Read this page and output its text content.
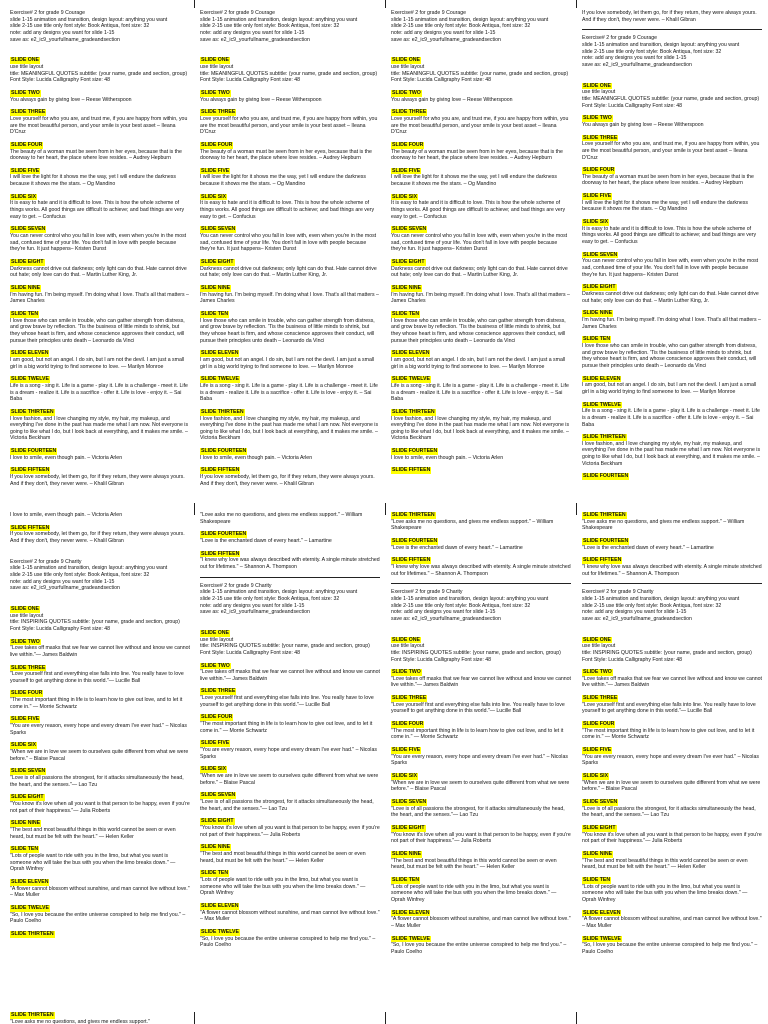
Exercise# 2 for grade 9 Courage
slide 1-15 animation and transition, design layout: anything you want
slide 2-15 use title only font style: Book Antiqua, font size: 32
note: add any designs you want for slide 1-15
save as: e2_ic9_yourfullname_gradeandsection

SLIDE ONE

use title layout
title: MEANINGFUL QUOTES subtitle: (your name, grade and section, group)
Font Style: Lucida Calligraphy Font size: 48

SLIDE TWO

You always gain by giving love – Reese Witherspoon

SLIDE THREE

Love yourself for who you are, and trust me, if you are happy from within, you are the most beautiful person, and your smile is your best asset – Ileana D'Cruz

SLIDE FOUR

The beauty of a woman must be seen from in her eyes, because that is the doorway to her heart, the place where love resides. – Audrey Hepburn

SLIDE FIVE

I will love the light for it shows me the way, yet I will endure the darkness because it shows me the stars. – Og Mandino

SLIDE SIX

It is easy to hate and it is difficult to love. This is how the whole scheme of things works. All good things are difficult to achieve; and bad things are very easy to get. – Confucius

SLIDE SEVEN

You can never control who you fall in love with, even when you're in the most sad, confused time of your life. You don't fall in love with people because they're fun. It just happens– Kristen Dunst

SLIDE EIGHT

Darkness cannot drive out darkness; only light can do that. Hate cannot drive out hate; only love can do that. – Martin Luther King, Jr.

SLIDE NINE

I'm having fun. I'm being myself. I'm doing what I love. That's all that matters – James Charles

SLIDE TEN

I love those who can smile in trouble, who can gather strength from distress, and grow brave by reflection. 'Tis the business of little minds to shrink, but they whose heart is firm, and whose conscience approves their conduct, will pursue their principles unto death – Leonardo da Vinci

SLIDE ELEVEN

I am good, but not an angel. I do sin, but I am not the devil. I am just a small girl in a big world trying to find someone to love. — Marilyn Monroe

SLIDE TWELVE

Life is a song - sing it. Life is a game - play it. Life is a challenge - meet it. Life is a dream - realize it. Life is a sacrifice - offer it. Life is love - enjoy it. – Sai Baba

SLIDE THIRTEEN

I love fashion, and I love changing my style, my hair, my makeup, and everything I've done in the past has made me what I am now. Not everyone is going to like what I do, but I look back at everything, and it makes me smile. – Victoria Beckham

SLIDE FOURTEEN

I love to smile, even though pain. – Victoria Arlen

SLIDE FIFTEEN

If you love somebody, let them go, for if they return, they were always yours. And if they don't, they never were. – Khalil Gibran

Exercise# 2 for grade 9 Courage
slide 1-15 animation and transition, design layout: anything you want
slide 2-15 use title only font style: Book Antiqua, font size: 32
note: add any designs you want for slide 1-15
save as: e2_ic9_yourfullname_gradeandsection

SLIDE ONE

use title layout
title: MEANINGFUL QUOTES subtitle: (your name, grade and section, group)
Font Style: Lucida Calligraphy Font size: 48

SLIDE TWO

You always gain by giving love – Reese Witherspoon

SLIDE THREE

Love yourself for who you are, and trust me, if you are happy from within, you are the most beautiful person, and your smile is your best asset – Ileana D'Cruz

SLIDE FOUR

The beauty of a woman must be seen from in her eyes, because that is the doorway to her heart, the place where love resides. – Audrey Hepburn

SLIDE FIVE

I will love the light for it shows me the way, yet I will endure the darkness because it shows me the stars. – Og Mandino

SLIDE SIX

It is easy to hate and it is difficult to love. This is how the whole scheme of things works. All good things are difficult to achieve; and bad things are very easy to get. – Confucius

SLIDE SEVEN

You can never control who you fall in love with, even when you're in the most sad, confused time of your life. You don't fall in love with people because they're fun. It just happens– Kristen Dunst

SLIDE EIGHT

Darkness cannot drive out darkness; only light can do that. Hate cannot drive out hate; only love can do that. – Martin Luther King, Jr.

SLIDE NINE

I'm having fun. I'm being myself. I'm doing what I love. That's all that matters – James Charles

SLIDE TEN

I love those who can smile in trouble, who can gather strength from distress, and grow brave by reflection. 'Tis the business of little minds to shrink, but they whose heart is firm, and whose conscience approves their conduct, will pursue their principles unto death – Leonardo da Vinci

SLIDE ELEVEN

I am good, but not an angel. I do sin, but I am not the devil. I am just a small girl in a big world trying to find someone to love. — Marilyn Monroe

SLIDE TWELVE

Life is a song - sing it. Life is a game - play it. Life is a challenge - meet it. Life is a dream - realize it. Life is a sacrifice - offer it. Life is love - enjoy it. – Sai Baba

SLIDE THIRTEEN

I love fashion, and I love changing my style, my hair, my makeup, and everything I've done in the past has made me what I am now. Not everyone is going to like what I do, but I look back at everything, and it makes me smile. – Victoria Beckham

SLIDE FOURTEEN

I love to smile, even though pain. – Victoria Arlen

SLIDE FIFTEEN

If you love somebody, let them go, for if they return, they were always yours. And if they don't, they never were. – Khalil Gibran

Exercise# 2 for grade 9 Courage
slide 1-15 animation and transition, design layout: anything you want
slide 2-15 use title only font style: Book Antiqua, font size: 32
note: add any designs you want for slide 1-15
save as: e2_ic9_yourfullname_gradeandsection

SLIDE ONE

use title layout
title: MEANINGFUL QUOTES subtitle: (your name, grade and section, group)
Font Style: Lucida Calligraphy Font size: 48

SLIDE TWO

You always gain by giving love – Reese Witherspoon

SLIDE THREE

Love yourself for who you are, and trust me, if you are happy from within, you are the most beautiful person, and your smile is your best asset – Ileana D'Cruz

SLIDE FOUR

The beauty of a woman must be seen from in her eyes, because that is the doorway to her heart, the place where love resides. – Audrey Hepburn

SLIDE FIVE

I will love the light for it shows me the way, yet I will endure the darkness because it shows me the stars. – Og Mandino

SLIDE SIX

It is easy to hate and it is difficult to love. This is how the whole scheme of things works. All good things are difficult to achieve; and bad things are very easy to get. – Confucius

SLIDE SEVEN

You can never control who you fall in love with, even when you're in the most sad, confused time of your life. You don't fall in love with people because they're fun. It just happens– Kristen Dunst

SLIDE EIGHT

Darkness cannot drive out darkness; only light can do that. Hate cannot drive out hate; only love can do that. – Martin Luther King, Jr.

SLIDE NINE

I'm having fun. I'm being myself. I'm doing what I love. That's all that matters – James Charles

SLIDE TEN

I love those who can smile in trouble, who can gather strength from distress, and grow brave by reflection. 'Tis the business of little minds to shrink, but they whose heart is firm, and whose conscience approves their conduct, will pursue their principles unto death – Leonardo da Vinci

SLIDE ELEVEN

I am good, but not an angel. I do sin, but I am not the devil. I am just a small girl in a big world trying to find someone to love. — Marilyn Monroe

SLIDE TWELVE

Life is a song - sing it. Life is a game - play it. Life is a challenge - meet it. Life is a dream - realize it. Life is a sacrifice - offer it. Life is love - enjoy it. – Sai Baba

SLIDE THIRTEEN

I love fashion, and I love changing my style, my hair, my makeup, and everything I've done in the past has made me what I am now. Not everyone is going to like what I do, but I look back at everything, and it makes me smile. – Victoria Beckham

SLIDE FOURTEEN

I love to smile, even though pain. – Victoria Arlen

SLIDE FIFTEEN

If you love somebody, let them go, for if they return, they were always yours. And if they don't, they never were. – Khalil Gibran

Exercise# 2 for grade 9 Courage
slide 1-15 animation and transition, design layout: anything you want
slide 2-15 use title only font style: Book Antiqua, font size: 32
note: add any designs you want for slide 1-15
save as: e2_ic9_yourfullname_gradeandsection

SLIDE ONE

use title layout
title: MEANINGFUL QUOTES subtitle: (your name, grade and section, group)
Font Style: Lucida Calligraphy Font size: 48

SLIDE TWO

You always gain by giving love – Reese Witherspoon

SLIDE THREE

Love yourself for who you are, and trust me, if you are happy from within, you are the most beautiful person, and your smile is your best asset – Ileana D'Cruz

SLIDE FOUR

The beauty of a woman must be seen from in her eyes, because that is the doorway to her heart, the place where love resides. – Audrey Hepburn

SLIDE FIVE

I will love the light for it shows me the way, yet I will endure the darkness because it shows me the stars. – Og Mandino

SLIDE SIX

It is easy to hate and it is difficult to love. This is how the whole scheme of things works. All good things are difficult to achieve; and bad things are very easy to get. – Confucius

SLIDE SEVEN

You can never control who you fall in love with, even when you're in the most sad, confused time of your life. You don't fall in love with people because they're fun. It just happens– Kristen Dunst

SLIDE EIGHT

Darkness cannot drive out darkness; only light can do that. Hate cannot drive out hate; only love can do that. – Martin Luther King, Jr.

SLIDE NINE

I'm having fun. I'm being myself. I'm doing what I love. That's all that matters – James Charles

SLIDE TEN

I love those who can smile in trouble, who can gather strength from distress, and grow brave by reflection. 'Tis the business of little minds to shrink, but they whose heart is firm, and whose conscience approves their conduct, will pursue their principles unto death – Leonardo da Vinci

SLIDE ELEVEN

I am good, but not an angel. I do sin, but I am not the devil. I am just a small girl in a big world trying to find someone to love. — Marilyn Monroe

SLIDE TWELVE

Life is a song - sing it. Life is a game - play it. Life is a challenge - meet it. Life is a dream - realize it. Life is a sacrifice - offer it. Life is love - enjoy it. – Sai Baba

SLIDE THIRTEEN

I love fashion, and I love changing my style, my hair, my makeup, and everything I've done in the past has made me what I am now. Not everyone is going to like what I do, but I look back at everything, and it makes me smile. – Victoria Beckham

SLIDE FOURTEEN

I love to smile, even though pain. – Victoria Arlen

SLIDE FIFTEEN

If you love somebody, let them go, for if they return, they were always yours. And if they don't, they never were. – Khalil Gibran

Exercise# 2 for grade 9 Charity
slide 1-15 animation and transition, design layout: anything you want
slide 2-15 use title only font style: Book Antiqua, font size: 32
note: add any designs you want for slide 1-15
save as: e2_ic9_yourfullname_gradeandsection

SLIDE ONE

use title layout
title: INSPIRING QUOTES subtitle: (your name, grade and section, group)
Font Style: Lucida Calligraphy Font size: 48

SLIDE TWO

"Love takes off masks that we fear we cannot live without and know we cannot live within."— James Baldwin

SLIDE THREE

"Love yourself first and everything else falls into line. You really have to love yourself to get anything done in this world."— Lucille Ball

SLIDE FOUR

"The most important thing in life is to learn how to give out love, and to let it come in." — Morrie Schwartz

SLIDE FIVE

"You are every reason, every hope and every dream I've ever had." – Nicolas Sparks

SLIDE SIX

"When we are in love we seem to ourselves quite different from what we were before." – Blaise Pascal

SLIDE SEVEN

"Love is of all passions the strongest, for it attacks simultaneously the head, the heart, and the senses."— Lao Tzu

SLIDE EIGHT

"You know it's love when all you want is that person to be happy, even if you're not part of their happiness."— Julia Roberts

SLIDE NINE

"The best and most beautiful things in this world cannot be seen or even heard, but must be felt with the heart." — Helen Keller

SLIDE TEN

"Lots of people want to ride with you in the limo, but what you want is someone who will take the bus with you when the limo breaks down." — Oprah Winfrey

SLIDE ELEVEN

"A flower cannot blossom without sunshine, and man cannot live without love." – Max Muller

SLIDE TWELVE

"So, I love you because the entire universe conspired to help me find you." – Paulo Coelho

SLIDE THIRTEEN

"Love asks me no questions, and gives me endless support." – William Shakespeare

SLIDE FOURTEEN

"Love is the enchanted dawn of every heart." – Lamartine

SLIDE FIFTEEN

"I knew why love was always described with eternity. A single minute stretched out for lifetimes." – Shannon A. Thompson

Exercise# 2 for grade 9 Charity
slide 1-15 animation and transition, design layout: anything you want
slide 2-15 use title only font style: Book Antiqua, font size: 32
note: add any designs you want for slide 1-15
save as: e2_ic9_yourfullname_gradeandsection

SLIDE ONE

use title layout
title: INSPIRING QUOTES subtitle: (your name, grade and section, group)
Font Style: Lucida Calligraphy Font size: 48

SLIDE TWO

"Love takes off masks that we fear we cannot live without and know we cannot live within."— James Baldwin

SLIDE THREE

"Love yourself first and everything else falls into line. You really have to love yourself to get anything done in this world."— Lucille Ball

SLIDE FOUR

"The most important thing in life is to learn how to give out love, and to let it come in." — Morrie Schwartz

SLIDE FIVE

"You are every reason, every hope and every dream I've ever had." – Nicolas Sparks

SLIDE SIX

"When we are in love we seem to ourselves quite different from what we were before." – Blaise Pascal

SLIDE SEVEN

"Love is of all passions the strongest, for it attacks simultaneously the head, the heart, and the senses."— Lao Tzu

SLIDE EIGHT

"You know it's love when all you want is that person to be happy, even if you're not part of their happiness."— Julia Roberts

SLIDE NINE

"The best and most beautiful things in this world cannot be seen or even heard, but must be felt with the heart." — Helen Keller

SLIDE TEN

"Lots of people want to ride with you in the limo, but what you want is someone who will take the bus with you when the limo breaks down." — Oprah Winfrey

SLIDE ELEVEN

"A flower cannot blossom without sunshine, and man cannot live without love." – Max Muller

SLIDE TWELVE

"So, I love you because the entire universe conspired to help me find you." – Paulo Coelho

SLIDE THIRTEEN

"Love asks me no questions, and gives me endless support." – William Shakespeare

SLIDE FOURTEEN

"Love is the enchanted dawn of every heart." – Lamartine

SLIDE FIFTEEN

"I knew why love was always described with eternity. A single minute stretched out for lifetimes." – Shannon A. Thompson

Exercise# 2 for grade 9 Charity
slide 1-15 animation and transition, design layout: anything you want
slide 2-15 use title only font style: Book Antiqua, font size: 32
note: add any designs you want for slide 1-15
save as: e2_ic9_yourfullname_gradeandsection

SLIDE ONE

use title layout
title: INSPIRING QUOTES subtitle: (your name, grade and section, group)
Font Style: Lucida Calligraphy Font size: 48

SLIDE TWO

"Love takes off masks that we fear we cannot live without and know we cannot live within."— James Baldwin

SLIDE THREE

"Love yourself first and everything else falls into line. You really have to love yourself to get anything done in this world."— Lucille Ball

SLIDE FOUR

"The most important thing in life is to learn how to give out love, and to let it come in." — Morrie Schwartz

SLIDE FIVE

"You are every reason, every hope and every dream I've ever had." – Nicolas Sparks

SLIDE SIX

"When we are in love we seem to ourselves quite different from what we were before." – Blaise Pascal

SLIDE SEVEN

"Love is of all passions the strongest, for it attacks simultaneously the head, the heart, and the senses."— Lao Tzu

SLIDE EIGHT

"You know it's love when all you want is that person to be happy, even if you're not part of their happiness."— Julia Roberts

SLIDE NINE

"The best and most beautiful things in this world cannot be seen or even heard, but must be felt with the heart." — Helen Keller

SLIDE TEN

"Lots of people want to ride with you in the limo, but what you want is someone who will take the bus with you when the limo breaks down." — Oprah Winfrey

SLIDE ELEVEN

"A flower cannot blossom without sunshine, and man cannot live without love." – Max Muller

SLIDE TWELVE

"So, I love you because the entire universe conspired to help me find you." – Paulo Coelho

SLIDE THIRTEEN

"Love asks me no questions, and gives me endless support." – William Shakespeare

SLIDE FOURTEEN

"Love is the enchanted dawn of every heart." – Lamartine

SLIDE FIFTEEN

"I knew why love was always described with eternity. A single minute stretched out for lifetimes." – Shannon A. Thompson

Exercise# 2 for grade 9 Charity
slide 1-15 animation and transition, design layout: anything you want
slide 2-15 use title only font style: Book Antiqua, font size: 32
note: add any designs you want for slide 1-15
save as: e2_ic9_yourfullname_gradeandsection

SLIDE ONE

use title layout
title: INSPIRING QUOTES subtitle: (your name, grade and section, group)
Font Style: Lucida Calligraphy Font size: 48

SLIDE TWO

"Love takes off masks that we fear we cannot live without and know we cannot live within."— James Baldwin

SLIDE THREE

"Love yourself first and everything else falls into line. You really have to love yourself to get anything done in this world."— Lucille Ball

SLIDE FOUR

"The most important thing in life is to learn how to give out love, and to let it come in." — Morrie Schwartz

SLIDE FIVE

"You are every reason, every hope and every dream I've ever had." – Nicolas Sparks

SLIDE SIX

"When we are in love we seem to ourselves quite different from what we were before." – Blaise Pascal

SLIDE SEVEN

"Love is of all passions the strongest, for it attacks simultaneously the head, the heart, and the senses."— Lao Tzu

SLIDE EIGHT

"You know it's love when all you want is that person to be happy, even if you're not part of their happiness."— Julia Roberts

SLIDE NINE

"The best and most beautiful things in this world cannot be seen or even heard, but must be felt with the heart." — Helen Keller

SLIDE TEN

"Lots of people want to ride with you in the limo, but what you want is someone who will take the bus with you when the limo breaks down." — Oprah Winfrey

SLIDE ELEVEN

"A flower cannot blossom without sunshine, and man cannot live without love." – Max Muller

SLIDE TWELVE

"So, I love you because the entire universe conspired to help me find you." – Paulo Coelho

SLIDE THIRTEEN

"Love asks me no questions, and gives me endless support."
